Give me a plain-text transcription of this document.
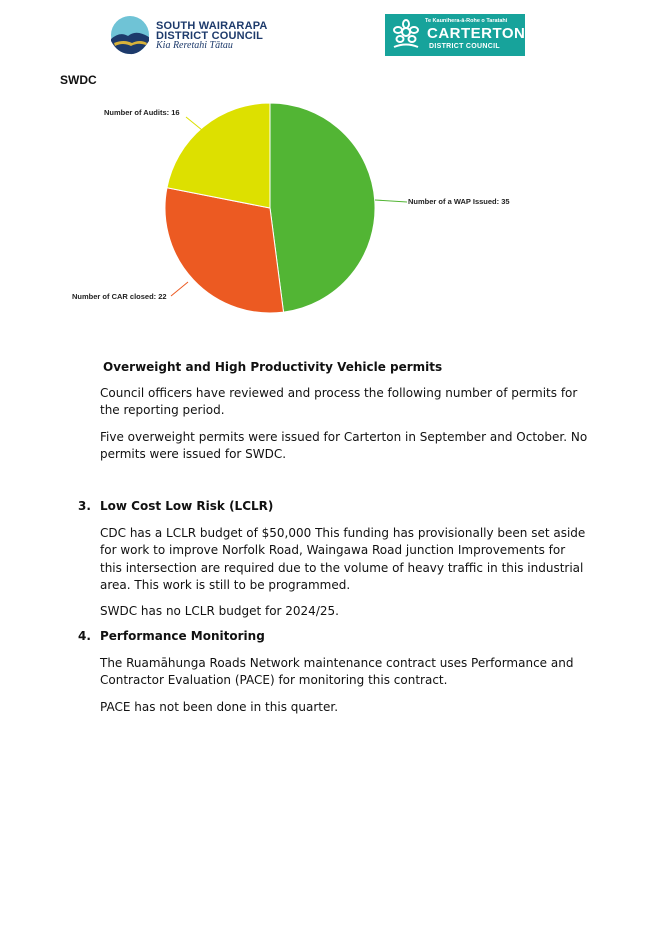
SOUTH WAIRARAPA
DISTRICT COUNCIL
Kia Reretahi Tātau
Te Kaunihera-ā-Rohe o Taratahi
CARTERTON
DISTRICT COUNCIL
SWDC
Number of a WAP Issued: 35
Number of CAR closed: 22
Number of Audits: 16

Overweight and High Productivity Vehicle permits

Council officers have reviewed and process the following number of permits for the reporting period.

Five overweight permits were issued for Carterton in September and October. No permits were issued for SWDC.

3. Low Cost Low Risk (LCLR)

CDC has a LCLR budget of $50,000 This funding has provisionally been set aside for work to improve Norfolk Road, Waingawa Road junction Improvements for this intersection are required due to the volume of heavy traffic in this industrial area. This work is still to be programmed.

SWDC has no LCLR budget for 2024/25.

4. Performance Monitoring

The Ruamāhunga Roads Network maintenance contract uses Performance and Contractor Evaluation (PACE) for monitoring this contract.

PACE has not been done in this quarter.
